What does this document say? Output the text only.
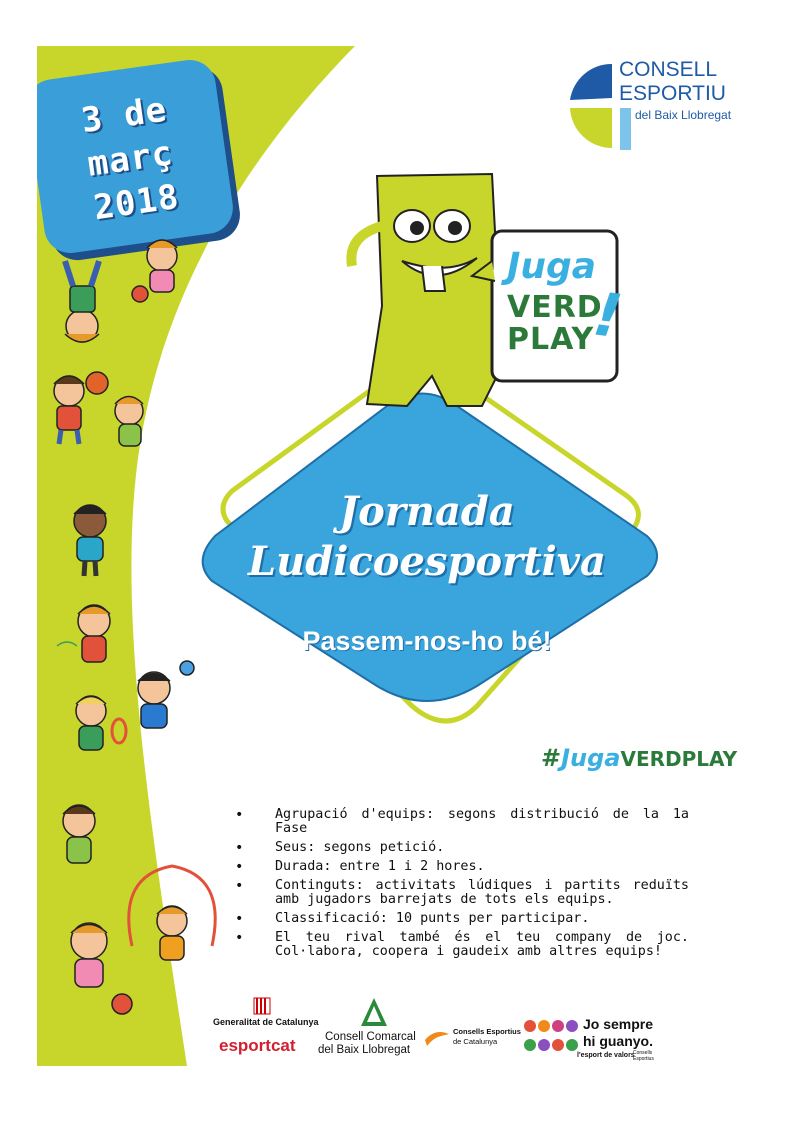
3 de
març
2018
CONSELL
ESPORTIU
del Baix Llobregat
Juga
VERD
PLAY
!
Jornada
Ludicoesportiva
Passem-nos-ho bé!
#JugaVERDPLAY
• Agrupació d'equips: segons distribució de la 1a Fase
• Seus: segons petició.
• Durada: entre 1 i 2 hores.
• Continguts: activitats lúdiques i partits reduïts amb jugadors barrejats de tots els equips.
• Classificació: 10 punts per participar.
• El teu rival també és el teu company de joc. Col·labora, coopera i gaudeix amb altres equips!
Generalitat de Catalunya
esportcat	Consell Comarcal
del Baix Llobregat
Consells Esportius
de Catalunya
Jo sempre
hi guanyo.
l'esport de valors
Consells Esportius
